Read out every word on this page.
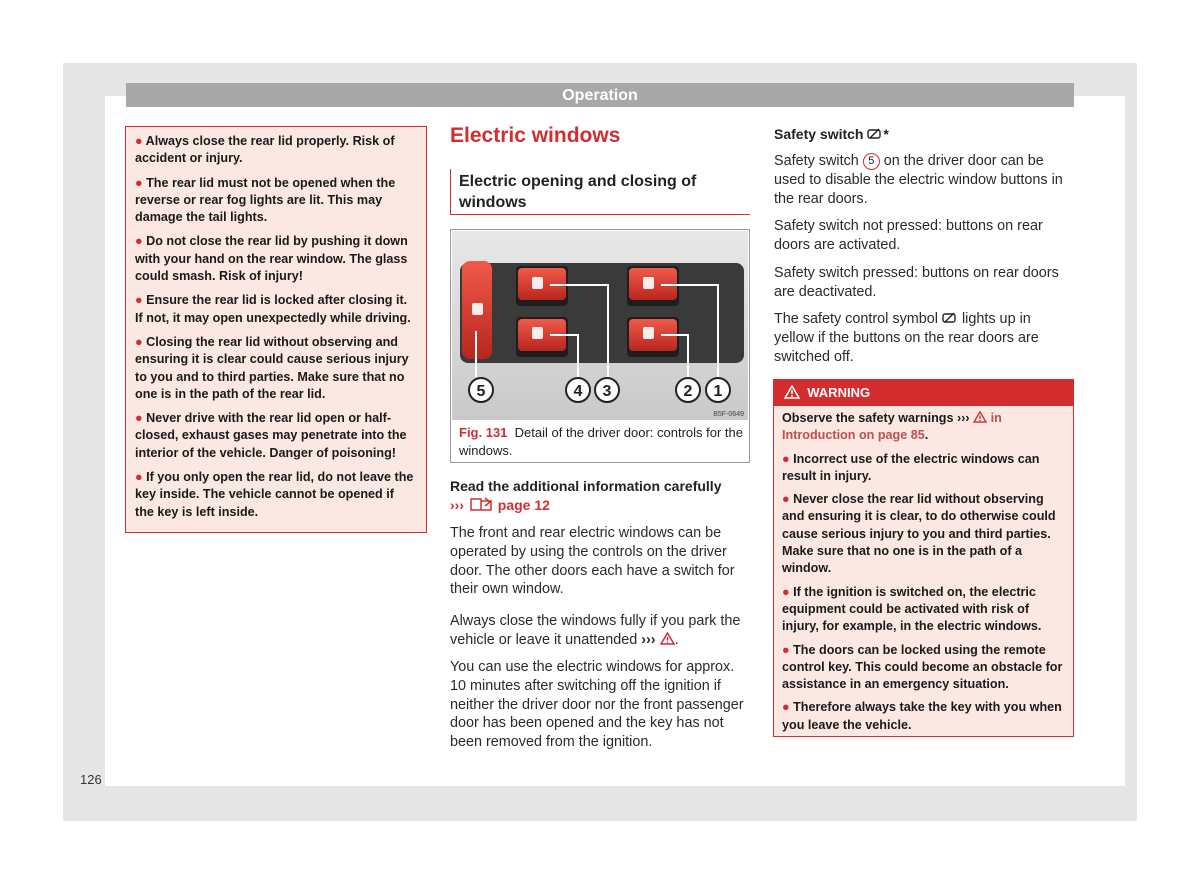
Operation

● Always close the rear lid properly. Risk of accident or injury.

● The rear lid must not be opened when the reverse or rear fog lights are lit. This may damage the tail lights.

● Do not close the rear lid by pushing it down with your hand on the rear window. The glass could smash. Risk of injury!

● Ensure the rear lid is locked after closing it. If not, it may open unexpectedly while driving.

● Closing the rear lid without observing and ensuring it is clear could cause serious injury to you and to third parties. Make sure that no one is in the path of the rear lid.

● Never drive with the rear lid open or half-closed, exhaust gases may penetrate into the interior of the vehicle. Danger of poisoning!

● If you only open the rear lid, do not leave the key inside. The vehicle cannot be opened if the key is left inside.

Electric windows
Electric opening and closing of windows
5	4 3	2 1
B5F-0649
Fig. 131 Detail of the driver door: controls for the windows.
Read the additional information carefully
››› page 12

The front and rear electric windows can be operated by using the controls on the driver door. The other doors each have a switch for their own window.

Always close the windows fully if you park the vehicle or leave it unattended ››› .

You can use the electric windows for approx. 10 minutes after switching off the ignition if neither the driver door nor the front passenger door has been opened and the key has not been removed from the ignition.

Safety switch *

Safety switch 5 on the driver door can be used to disable the electric window buttons in the rear doors.

Safety switch not pressed: buttons on rear doors are activated.

Safety switch pressed: buttons on rear doors are deactivated.

The safety control symbol lights up in yellow if the buttons on the rear doors are switched off.

WARNING

Observe the safety warnings ››› in Introduction on page 85.

● Incorrect use of the electric windows can result in injury.

● Never close the rear lid without observing and ensuring it is clear, to do otherwise could cause serious injury to you and third parties. Make sure that no one is in the path of a window.

● If the ignition is switched on, the electric equipment could be activated with risk of injury, for example, in the electric windows.

● The doors can be locked using the remote control key. This could become an obstacle for assistance in an emergency situation.

● Therefore always take the key with you when you leave the vehicle.

126
